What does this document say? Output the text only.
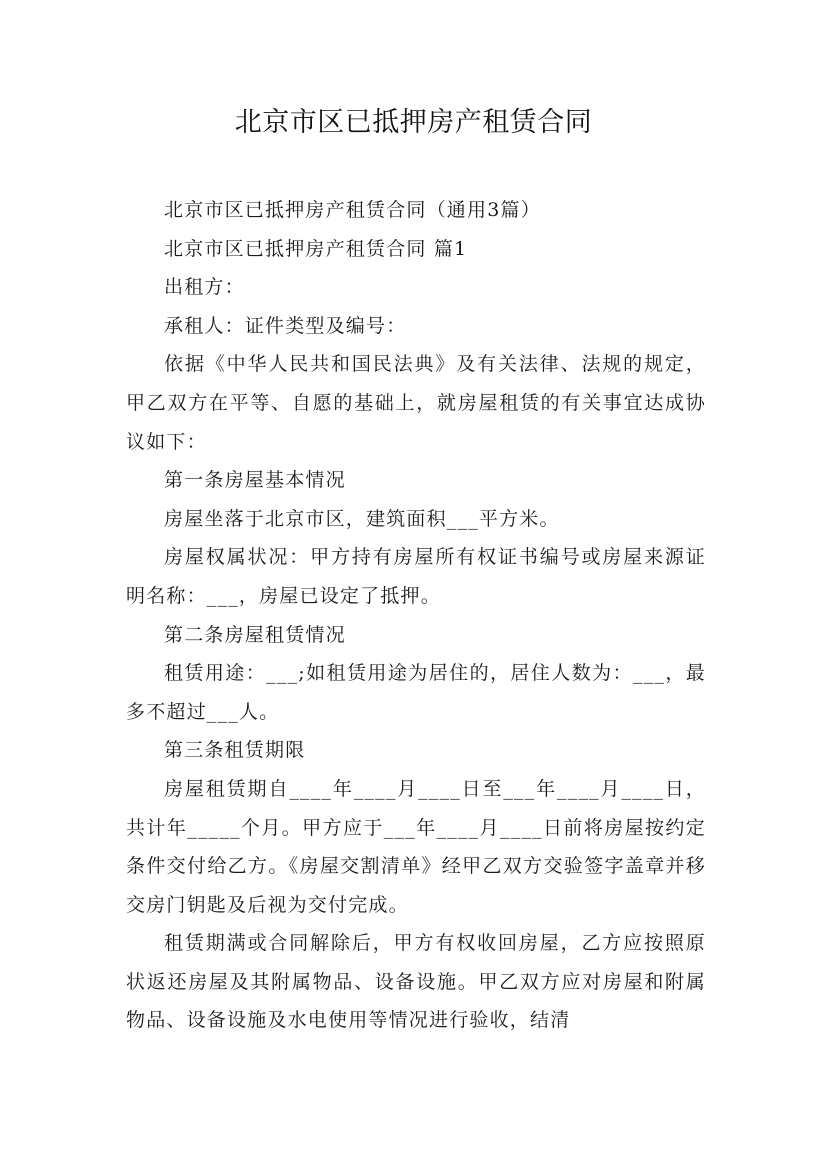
北京市区已抵押房产租赁合同

北京市区已抵押房产租赁合同（通用3篇）

北京市区已抵押房产租赁合同 篇1

出租方：

承租人：证件类型及编号：

依据《中华人民共和国民法典》及有关法律、法规的规定，甲乙双方在平等、自愿的基础上，就房屋租赁的有关事宜达成协议如下：

第一条房屋基本情况

房屋坐落于北京市区，建筑面积___平方米。

房屋权属状况：甲方持有房屋所有权证书编号或房屋来源证明名称：___，房屋已设定了抵押。

第二条房屋租赁情况

租赁用途：___;如租赁用途为居住的，居住人数为：___，最多不超过___人。

第三条租赁期限

房屋租赁期自____年____月____日至___年____月____日，共计年_____个月。甲方应于___年____月____日前将房屋按约定条件交付给乙方。《房屋交割清单》经甲乙双方交验签字盖章并移交房门钥匙及后视为交付完成。

租赁期满或合同解除后，甲方有权收回房屋，乙方应按照原状返还房屋及其附属物品、设备设施。甲乙双方应对房屋和附属物品、设备设施及水电使用等情况进行验收，结清
